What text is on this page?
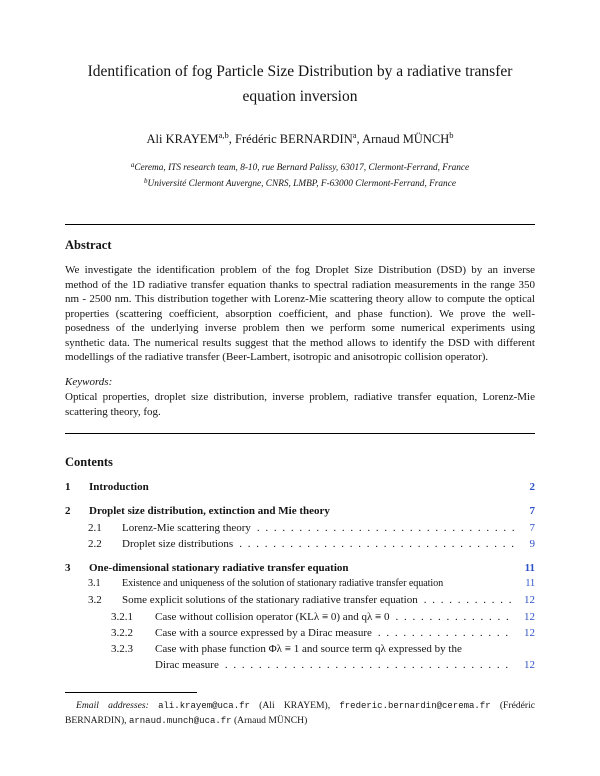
Identification of fog Particle Size Distribution by a radiative transfer equation inversion
Ali KRAYEM$^{a,b}$, Frédéric BERNARDIN$^a$, Arnaud MÜNCH$^b$
$^a$Cerema, ITS research team, 8-10, rue Bernard Palissy, 63017, Clermont-Ferrand, France
$^b$Université Clermont Auvergne, CNRS, LMBP, F-63000 Clermont-Ferrand, France
Abstract

We investigate the identification problem of the fog Droplet Size Distribution (DSD) by an inverse method of the 1D radiative transfer equation thanks to spectral radiation measurements in the range 350 nm - 2500 nm. This distribution together with Lorenz-Mie scattering theory allow to compute the optical properties (scattering coefficient, absorption coefficient, and phase function). We prove the well-posedness of the underlying inverse problem then we perform some numerical experiments using synthetic data. The numerical results suggest that the method allows to identify the DSD with different modellings of the radiative transfer (Beer-Lambert, isotropic and anisotropic collision operator).

Keywords:

Optical properties, droplet size distribution, inverse problem, radiative transfer equation, Lorenz-Mie scattering theory, fog.

Contents
1	Introduction	2
2	Droplet size distribution, extinction and Mie theory	7
2.1	Lorenz-Mie scattering theory . . .	7
2.2	Droplet size distributions . . .	9
3	One-dimensional stationary radiative transfer equation	11
3.1	Existence and uniqueness of the solution of stationary radiative transfer equation	11
3.2	Some explicit solutions of the stationary radiative transfer equation . . .	12
3.2.1	Case without collision operator (KLλ ≡ 0) and qλ ≡ 0 . . .	12
3.2.2	Case with a source expressed by a Dirac measure . . .	12
3.2.3	Case with phase function Φλ ≡ 1 and source term qλ expressed by the
Dirac measure . . .	12

Email addresses: ali.krayem@uca.fr (Ali KRAYEM), frederic.bernardin@cerema.fr (Frédéric BERNARDIN), arnaud.munch@uca.fr (Arnaud MÜNCH)
